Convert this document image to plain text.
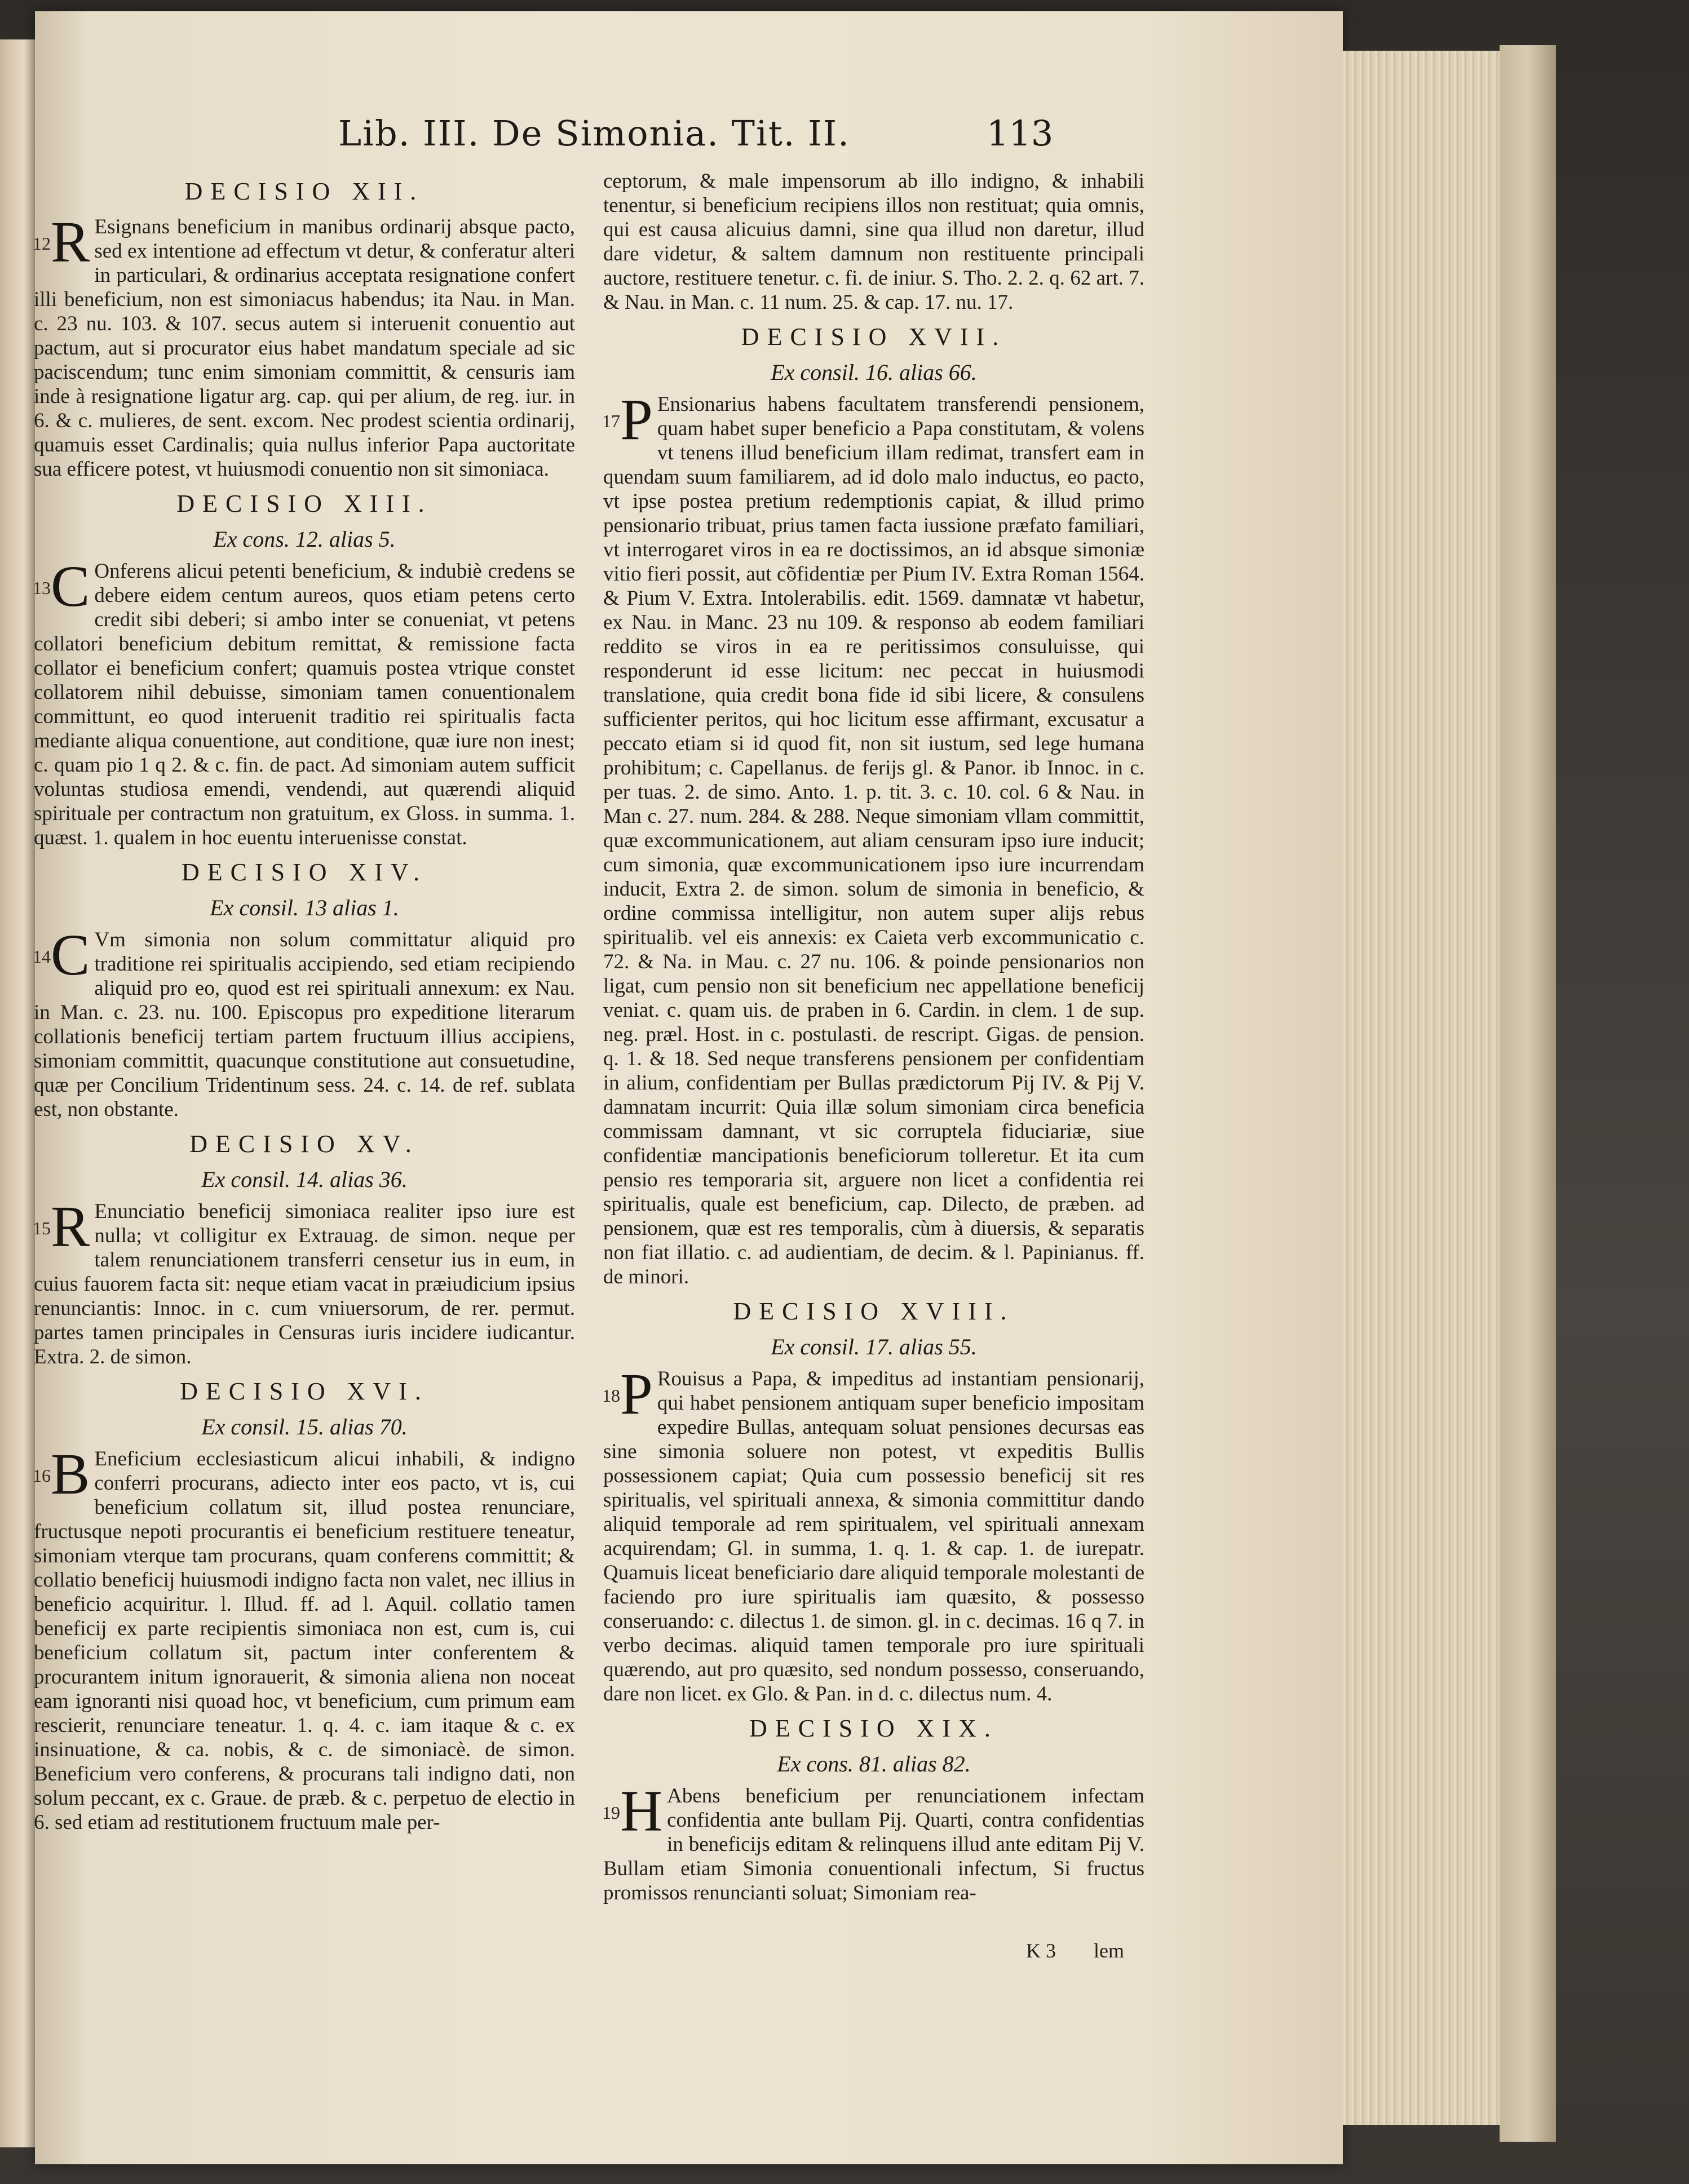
Lib. III. De Simonia. Tit. II.	113
DECISIO XII.
12 R Esignans beneficium in manibus ordinarij absque pacto, sed ex intentione ad effectum vt detur, & conferatur alteri in particulari, & ordinarius acceptata resignatione confert illi beneficium, non est simoniacus habendus; ita Nau. in Man. c. 23 nu. 103. & 107. secus autem si interuenit conuentio aut pactum, aut si procurator eius habet mandatum speciale ad sic paciscendum; tunc enim simoniam committit, & censuris iam inde à resignatione ligatur arg. cap. qui per alium, de reg. iur. in 6. & c. mulieres, de sent. excom. Nec prodest scientia ordinarij, quamuis esset Cardinalis; quia nullus inferior Papa auctoritate sua efficere potest, vt huiusmodi conuentio non sit simoniaca.
DECISIO XIII.
Ex cons. 12. alias 5.
13 C Onferens alicui petenti beneficium, & indubiè credens se debere eidem centum aureos, quos etiam petens certo credit sibi deberi; si ambo inter se conueniat, vt petens collatori beneficium debitum remittat, & remissione facta collator ei beneficium confert; quamuis postea vtrique constet collatorem nihil debuisse, simoniam tamen conuentionalem committunt, eo quod interuenit traditio rei spiritualis facta mediante aliqua conuentione, aut conditione, quæ iure non inest; c. quam pio 1 q 2. & c. fin. de pact. Ad simoniam autem sufficit voluntas studiosa emendi, vendendi, aut quærendi aliquid spirituale per contractum non gratuitum, ex Gloss. in summa. 1. quæst. 1. qualem in hoc euentu interuenisse constat.
DECISIO XIV.
Ex consil. 13 alias 1.
14 C Vm simonia non solum committatur aliquid pro traditione rei spiritualis accipiendo, sed etiam recipiendo aliquid pro eo, quod est rei spirituali annexum: ex Nau. in Man. c. 23. nu. 100. Episcopus pro expeditione literarum collationis beneficij tertiam partem fructuum illius accipiens, simoniam committit, quacunque constitutione aut consuetudine, quæ per Concilium Tridentinum sess. 24. c. 14. de ref. sublata est, non obstante.
DECISIO XV.
Ex consil. 14. alias 36.
15 R Enunciatio beneficij simoniaca realiter ipso iure est nulla; vt colligitur ex Extrauag. de simon. neque per talem renunciationem transferri censetur ius in eum, in cuius fauorem facta sit: neque etiam vacat in præiudicium ipsius renunciantis: Innoc. in c. cum vniuersorum, de rer. permut. partes tamen principales in Censuras iuris incidere iudicantur. Extra. 2. de simon.
DECISIO XVI.
Ex consil. 15. alias 70.
16 B Eneficium ecclesiasticum alicui inhabili, & indigno conferri procurans, adiecto inter eos pacto, vt is, cui beneficium collatum sit, illud postea renunciare, fructusque nepoti procurantis ei beneficium restituere teneatur, simoniam vterque tam procurans, quam conferens committit; & collatio beneficij huiusmodi indigno facta non valet, nec illius in beneficio acquiritur. l. Illud. ff. ad l. Aquil. collatio tamen beneficij ex parte recipientis simoniaca non est, cum is, cui beneficium collatum sit, pactum inter conferentem & procurantem initum ignorauerit, & simonia aliena non noceat eam ignoranti nisi quoad hoc, vt beneficium, cum primum eam rescierit, renunciare teneatur. 1. q. 4. c. iam itaque & c. ex insinuatione, & ca. nobis, & c. de simoniacè. de simon. Beneficium vero conferens, & procurans tali indigno dati, non solum peccant, ex c. Graue. de præb. & c. perpetuo de electio in 6. sed etiam ad restitutionem fructuum male per-
ceptorum, & male impensorum ab illo indigno, & inhabili tenentur, si beneficium recipiens illos non restituat; quia omnis, qui est causa alicuius damni, sine qua illud non daretur, illud dare videtur, & saltem damnum non restituente principali auctore, restituere tenetur. c. fi. de iniur. S. Tho. 2. 2. q. 62 art. 7. & Nau. in Man. c. 11 num. 25. & cap. 17. nu. 17.
DECISIO XVII.
Ex consil. 16. alias 66.
17 P Ensionarius habens facultatem transferendi pensionem, quam habet super beneficio a Papa constitutam, & volens vt tenens illud beneficium illam redimat, transfert eam in quendam suum familiarem, ad id dolo malo inductus, eo pacto, vt ipse postea pretium redemptionis capiat, & illud primo pensionario tribuat, prius tamen facta iussione præfato familiari, vt interrogaret viros in ea re doctissimos, an id absque simoniæ vitio fieri possit, aut cõfidentiæ per Pium IV. Extra Roman 1564. & Pium V. Extra. Intolerabilis. edit. 1569. damnatæ vt habetur, ex Nau. in Manc. 23 nu 109. & responso ab eodem familiari reddito se viros in ea re peritissimos consuluisse, qui responderunt id esse licitum: nec peccat in huiusmodi translatione, quia credit bona fide id sibi licere, & consulens sufficienter peritos, qui hoc licitum esse affirmant, excusatur a peccato etiam si id quod fit, non sit iustum, sed lege humana prohibitum; c. Capellanus. de ferijs gl. & Panor. ib Innoc. in c. per tuas. 2. de simo. Anto. 1. p. tit. 3. c. 10. col. 6 & Nau. in Man c. 27. num. 284. & 288. Neque simoniam vllam committit, quæ excommunicationem, aut aliam censuram ipso iure inducit; cum simonia, quæ excommunicationem ipso iure incurrendam inducit, Extra 2. de simon. solum de simonia in beneficio, & ordine commissa intelligitur, non autem super alijs rebus spiritualib. vel eis annexis: ex Caieta verb excommunicatio c. 72. & Na. in Mau. c. 27 nu. 106. & poinde pensionarios non ligat, cum pensio non sit beneficium nec appellatione beneficij veniat. c. quam uis. de praben in 6. Cardin. in clem. 1 de sup. neg. præl. Host. in c. postulasti. de rescript. Gigas. de pension. q. 1. & 18. Sed neque transferens pensionem per confidentiam in alium, confidentiam per Bullas prædictorum Pij IV. & Pij V. damnatam incurrit: Quia illæ solum simoniam circa beneficia commissam damnant, vt sic corruptela fiduciariæ, siue confidentiæ mancipationis beneficiorum tolleretur. Et ita cum pensio res temporaria sit, arguere non licet a confidentia rei spiritualis, quale est beneficium, cap. Dilecto, de præben. ad pensionem, quæ est res temporalis, cùm à diuersis, & separatis non fiat illatio. c. ad audientiam, de decim. & l. Papinianus. ff. de minori.
DECISIO XVIII.
Ex consil. 17. alias 55.
18 P Rouisus a Papa, & impeditus ad instantiam pensionarij, qui habet pensionem antiquam super beneficio impositam expedire Bullas, antequam soluat pensiones decursas eas sine simonia soluere non potest, vt expeditis Bullis possessionem capiat; Quia cum possessio beneficij sit res spiritualis, vel spirituali annexa, & simonia committitur dando aliquid temporale ad rem spiritualem, vel spirituali annexam acquirendam; Gl. in summa, 1. q. 1. & cap. 1. de iurepatr. Quamuis liceat beneficiario dare aliquid temporale molestanti de faciendo pro iure spiritualis iam quæsito, & possesso conseruando: c. dilectus 1. de simon. gl. in c. decimas. 16 q 7. in verbo decimas. aliquid tamen temporale pro iure spirituali quærendo, aut pro quæsito, sed nondum possesso, conseruando, dare non licet. ex Glo. & Pan. in d. c. dilectus num. 4.
DECISIO XIX.
Ex cons. 81. alias 82.
19 H Abens beneficium per renunciationem infectam confidentia ante bullam Pij. Quarti, contra confidentias in beneficijs editam & relinquens illud ante editam Pij V. Bullam etiam Simonia conuentionali infectum, Si fructus promissos renuncianti soluat; Simoniam rea-
K 3 lem
